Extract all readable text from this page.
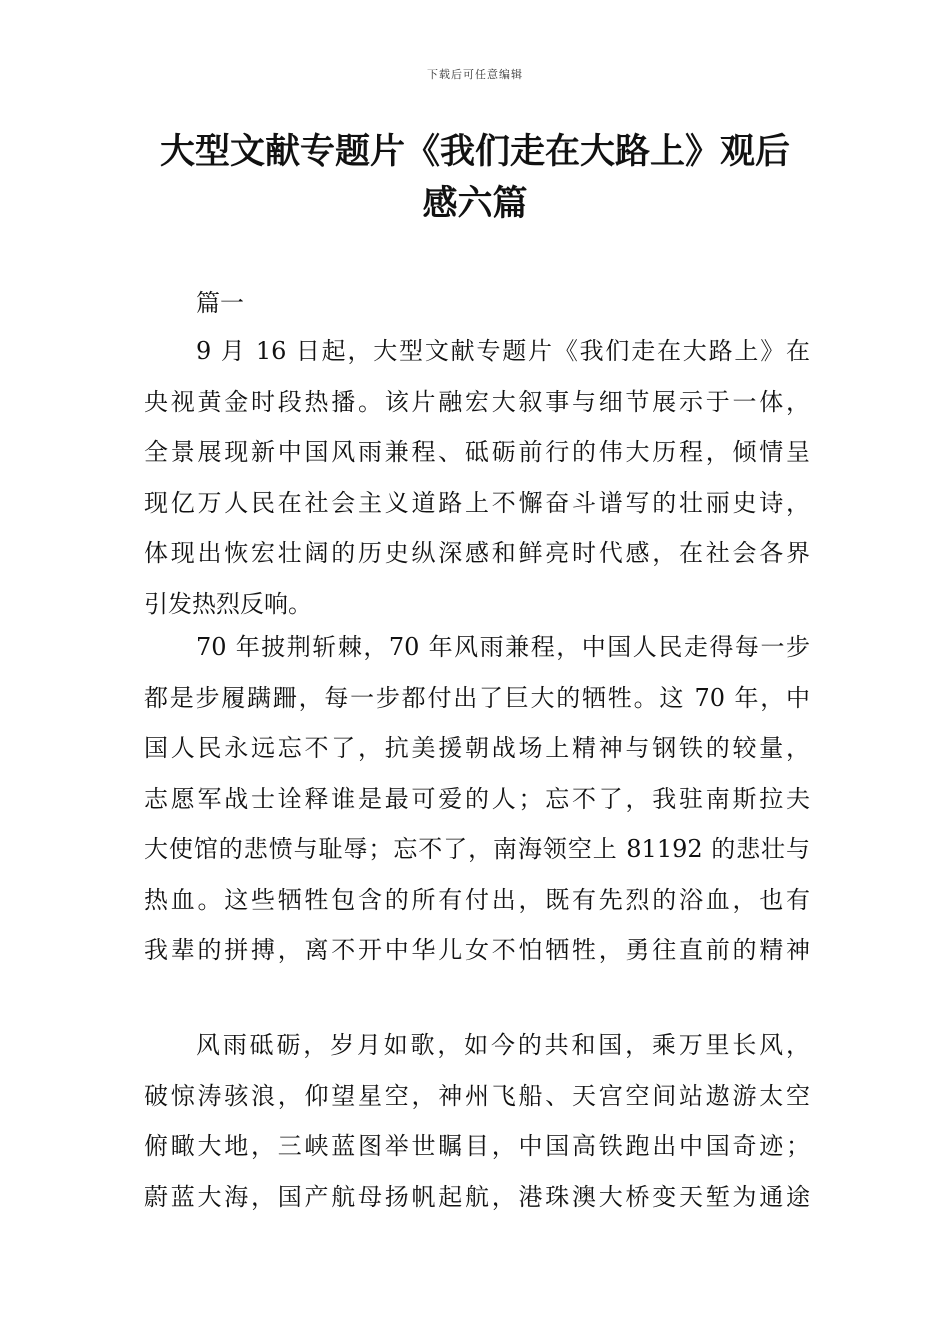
下载后可任意编辑
大型文献专题片《我们走在大路上》观后
感六篇
篇一
9 月 16 日起，大型文献专题片《我们走在大路上》在
央视黄金时段热播。该片融宏大叙事与细节展示于一体，
全景展现新中国风雨兼程、砥砺前行的伟大历程，倾情呈
现亿万人民在社会主义道路上不懈奋斗谱写的壮丽史诗，
体现出恢宏壮阔的历史纵深感和鲜亮时代感，在社会各界
引发热烈反响。
70 年披荆斩棘，70 年风雨兼程，中国人民走得每一步
都是步履蹒跚，每一步都付出了巨大的牺牲。这 70 年，中
国人民永远忘不了，抗美援朝战场上精神与钢铁的较量，
志愿军战士诠释谁是最可爱的人；忘不了，我驻南斯拉夫
大使馆的悲愤与耻辱；忘不了，南海领空上 81192 的悲壮与
热血。这些牺牲包含的所有付出，既有先烈的浴血，也有
我辈的拼搏，离不开中华儿女不怕牺牲，勇往直前的精神
风雨砥砺，岁月如歌，如今的共和国，乘万里长风，
破惊涛骇浪，仰望星空，神州飞船、天宫空间站遨游太空
俯瞰大地，三峡蓝图举世瞩目，中国高铁跑出中国奇迹；
蔚蓝大海，国产航母扬帆起航，港珠澳大桥变天堑为通途
